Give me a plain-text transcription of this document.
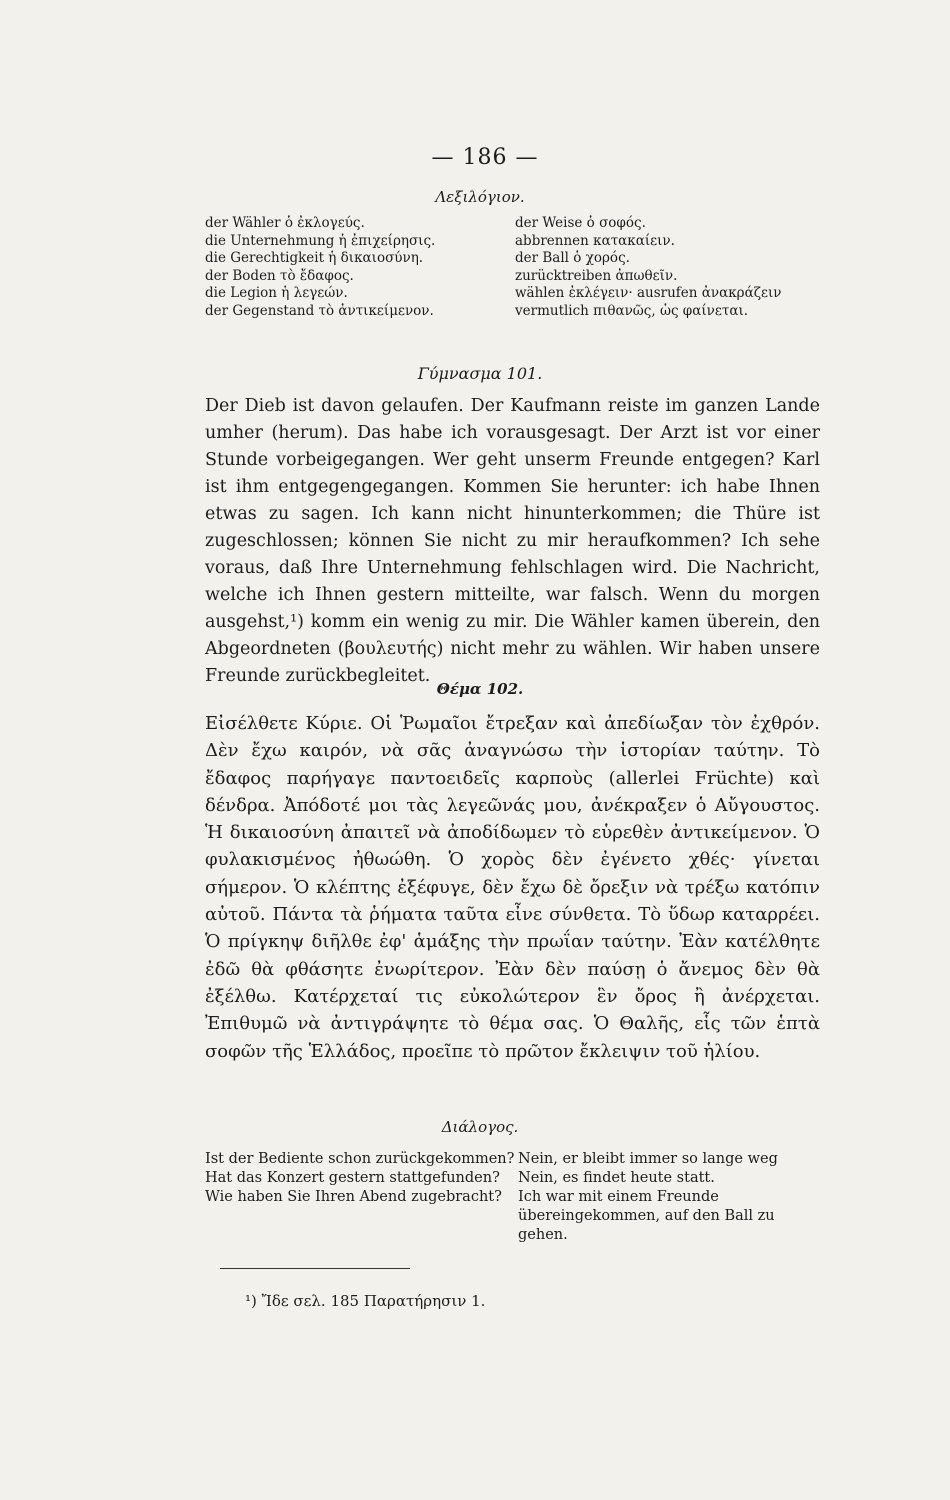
— 186 —
Λεξιλόγιον.
der Wähler ὁ ἐκλογεύς.
die Unternehmung ἡ ἐπιχείρησις.
die Gerechtigkeit ἡ δικαιοσύνη.
der Boden τὸ ἔδαφος.
die Legion ἡ λεγεών.
der Gegenstand τὸ ἀντικείμενον.
der Weise ὁ σοφός.
abbrennen κατακαίειν.
der Ball ὁ χορός.
zurücktreiben ἀπωθεῖν.
wählen ἐκλέγειν· ausrufen ἀνακράζειν
vermutlich πιθανῶς, ὡς φαίνεται.
Γύμνασμα 101.
Der Dieb ist davon gelaufen. Der Kaufmann reiste im ganzen Lande umher (herum). Das habe ich vorausgesagt. Der Arzt ist vor einer Stunde vorbeigegangen. Wer geht unserm Freunde entgegen? Karl ist ihm entgegengegangen. Kommen Sie herunter: ich habe Ihnen etwas zu sagen. Ich kann nicht hinunterkommen; die Thüre ist zugeschlossen; können Sie nicht zu mir heraufkommen? Ich sehe voraus, daß Ihre Unternehmung fehlschlagen wird. Die Nachricht, welche ich Ihnen gestern mitteilte, war falsch. Wenn du morgen ausgehst,¹) komm ein wenig zu mir. Die Wähler kamen überein, den Abgeordneten (βουλευτής) nicht mehr zu wählen. Wir haben unsere Freunde zurückbegleitet.
Θέμα 102.
Εἰσέλθετε Κύριε. Οἱ Ῥωμαῖοι ἔτρεξαν καὶ ἀπεδίωξαν τὸν ἐχθρόν. Δὲν ἔχω καιρόν, νὰ σᾶς ἀναγνώσω τὴν ἱστορίαν ταύτην. Τὸ ἔδαφος παρήγαγε παντοειδεῖς καρποὺς (allerlei Früchte) καὶ δένδρα. Ἀπόδοτέ μοι τὰς λεγεῶνάς μου, ἀνέκραξεν ὁ Αὔγουστος. Ἡ δικαιοσύνη ἀπαιτεῖ νὰ ἀποδίδωμεν τὸ εὑρεθὲν ἀντικείμενον. Ὁ φυλακισμένος ἠθωώθη. Ὁ χορὸς δὲν ἐγένετο χθές· γίνεται σήμερον. Ὁ κλέπτης ἐξέφυγε, δὲν ἔχω δὲ ὄρεξιν νὰ τρέξω κατόπιν αὐτοῦ. Πάντα τὰ ῥήματα ταῦτα εἶνε σύνθετα. Τὸ ὕδωρ καταρρέει. Ὁ πρίγκηψ διῆλθε ἐφ' ἁμάξης τὴν πρωΐαν ταύτην. Ἐὰν κατέλθητε ἐδῶ θὰ φθάσητε ἐνωρίτερον. Ἐὰν δὲν παύσῃ ὁ ἄνεμος δὲν θὰ ἐξέλθω. Κατέρχεταί τις εὐκολώτερον ἓν ὄρος ἢ ἀνέρχεται. Ἐπιθυμῶ νὰ ἀντιγράψητε τὸ θέμα σας. Ὁ Θαλῆς, εἷς τῶν ἑπτὰ σοφῶν τῆς Ἑλλάδος, προεῖπε τὸ πρῶτον ἔκλειψιν τοῦ ἡλίου.
Διάλογος.
Ist der Bediente schon zurückgekommen?
Hat das Konzert gestern stattgefunden?
Wie haben Sie Ihren Abend zugebracht?
Nein, er bleibt immer so lange weg
Nein, es findet heute statt.
Ich war mit einem Freunde übereingekommen, auf den Ball zu gehen.
¹) Ἴδε σελ. 185 Παρατήρησιν 1.
